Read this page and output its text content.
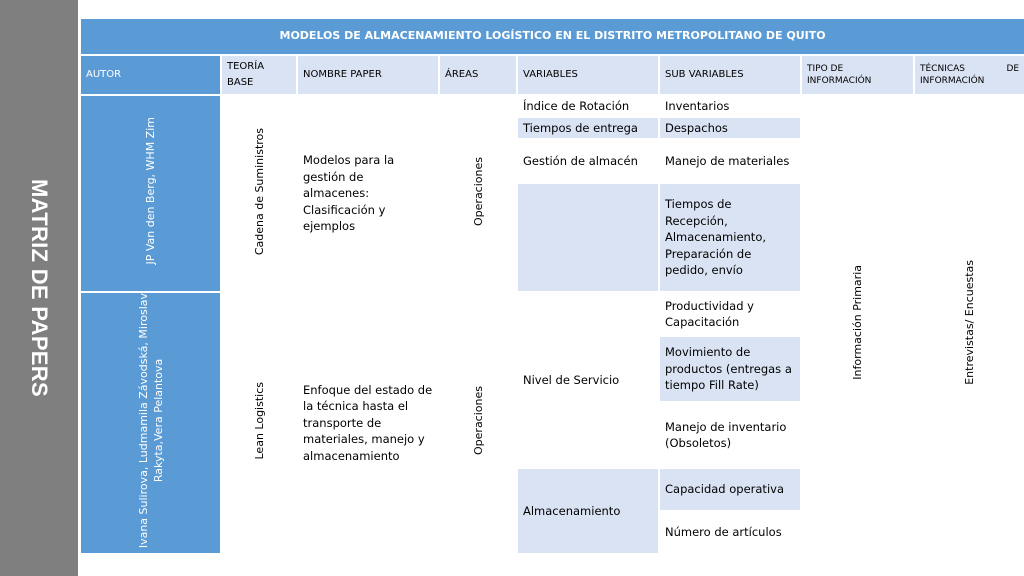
MATRIZ DE PAPERS
MODELOS DE ALMACENAMIENTO LOGÍSTICO EN EL DISTRITO METROPOLITANO DE QUITO							
AUTOR	TEORÍA BASE	NOMBRE PAPER	ÁREAS	VARIABLES	SUB VARIABLES	TIPO DE INFORMACIÓN	TÉCNICAS DE
INFORMACIÓN

JP Van den Berg, WHM Zim	Cadena de Suministros	Modelos para la gestión de almacenes: Clasificación y ejemplos	Operaciones	Índice de Rotación	Inventarios	Información Primaria	Entrevistas/ Encuestas
				Tiempos de entrega	Despachos		
				Gestión de almacén	Manejo de materiales		
					Tiempos de Recepción, Almacenamiento, Preparación de pedido, envío		
Ivana Sulirova, Ludmamila Závodská, Miroslav
Rakyta,Vera Pelantova	Lean Logistics	Enfoque del estado de la técnica hasta el transporte de materiales, manejo y almacenamiento	Operaciones	Nivel de Servicio	Productividad y Capacitación		
					Movimiento de productos (entregas a tiempo Fill Rate)		
					Manejo de inventario (Obsoletos)		
				Almacenamiento	Capacidad operativa		
					Número de artículos		
